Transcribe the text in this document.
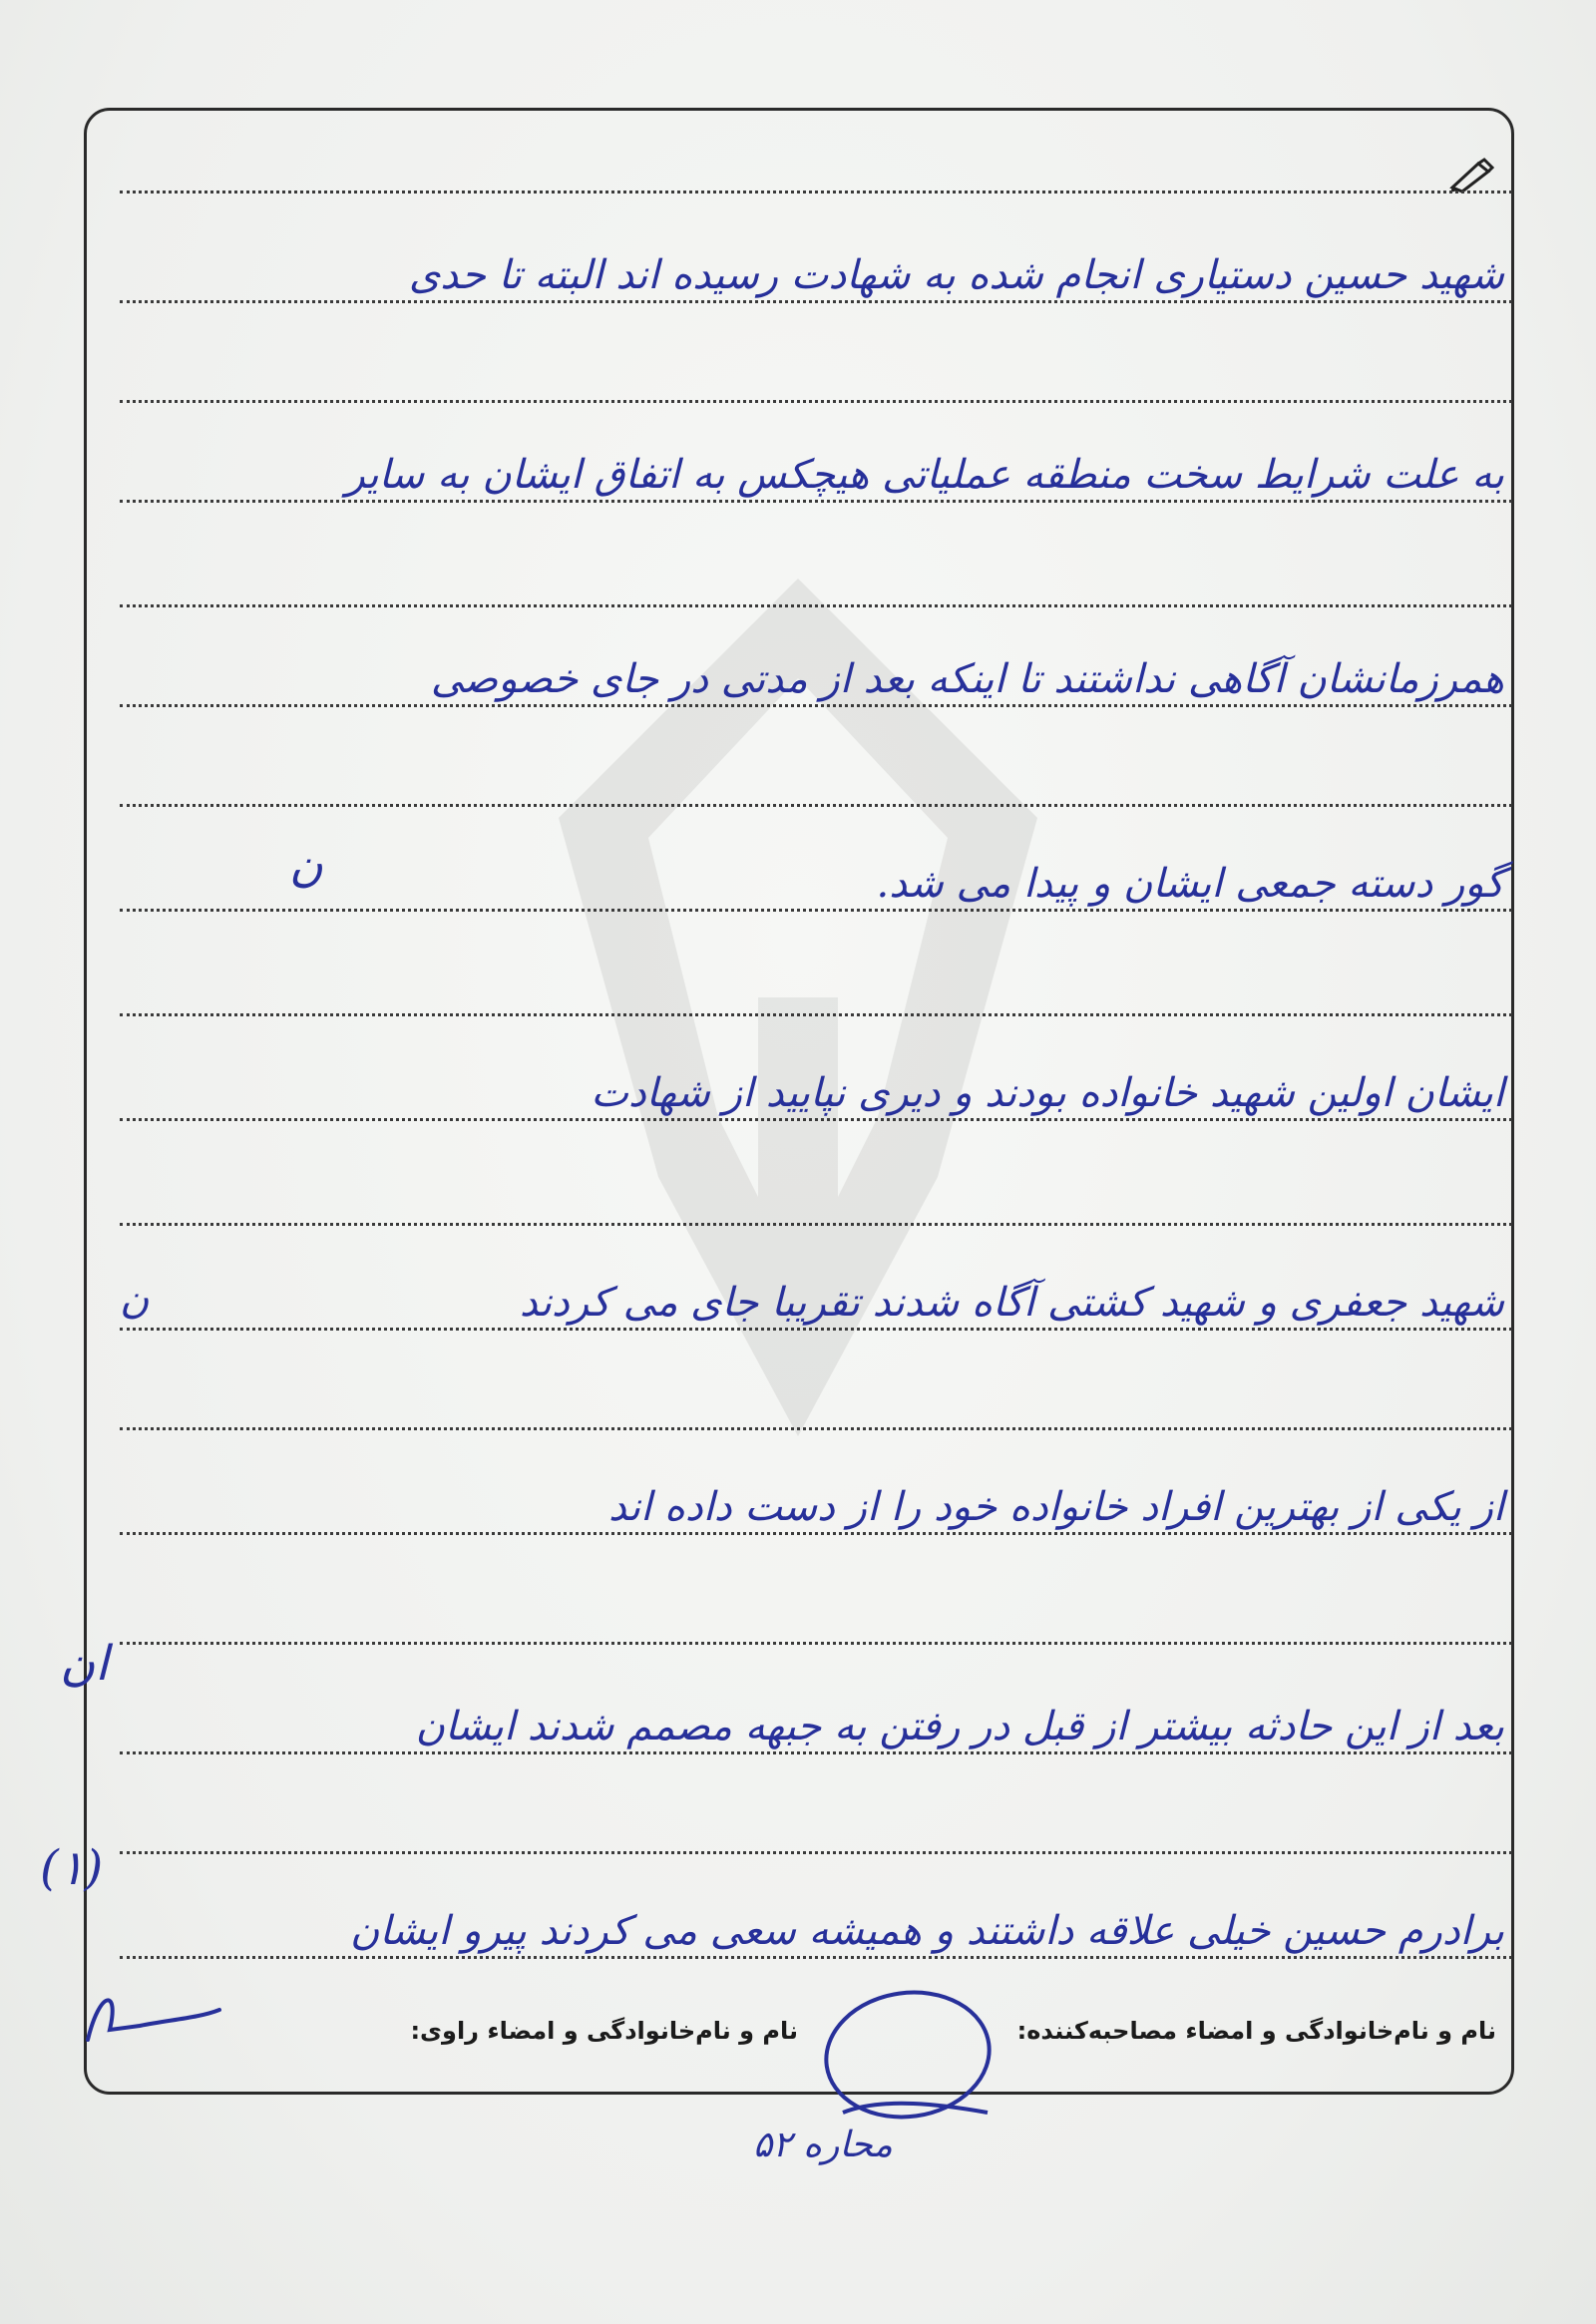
شهید حسین دستیاری انجام شده به شهادت رسیده اند البته تا حدی
به علت شرایط سخت منطقه عملیاتی هیچکس به اتفاق ایشان به سایر
همرزمانشان آگاهی نداشتند تا اینکه بعد از مدتی در جای خصوصی
گور دسته جمعی ایشان و پیدا می شد.
ایشان اولین شهید خانواده بودند و دیری نپایید از شهادت
شهید جعفری و شهید کشتی آگاه شدند تقریبا جای می کردند
از یکی از بهترین افراد خانواده خود را از دست داده اند
بعد از این حادثه بیشتر از قبل در رفتن به جبهه مصمم شدند ایشان
برادرم حسین خیلی علاقه داشتند و همیشه سعی می کردند پیرو ایشان
ن
ن
ان
(۱)
نام و نام‌خانوادگی و امضاء مصاحبه‌کننده:
نام و نام‌خانوادگی و امضاء راوی:
محاره ۵۲
